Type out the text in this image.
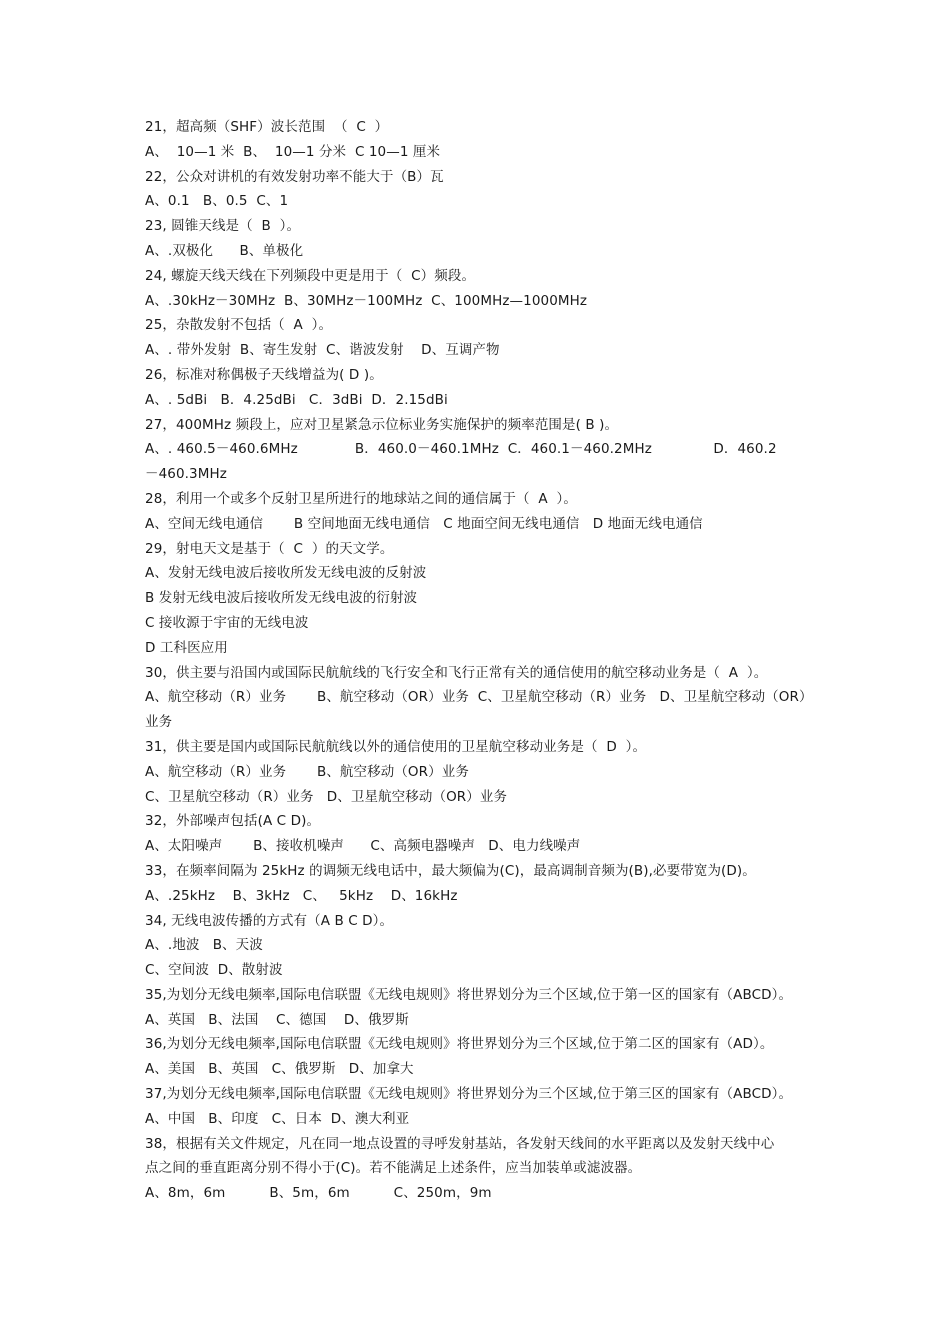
21，超高频（SHF）波长范围  （  C  ）
A、  10—1 米  B、  10—1 分米  C 10—1 厘米
22，公众对讲机的有效发射功率不能大于（B）瓦
A、0.1   B、0.5  C、1
23, 圆锥天线是（  B  ）。
A、.双极化      B、单极化
24, 螺旋天线天线在下列频段中更是用于（  C）频段。
A、.30kHz－30MHz  B、30MHz－100MHz  C、100MHz—1000MHz
25，杂散发射不包括（  A  ）。
A、. 带外发射  B、寄生发射  C、谐波发射    D、互调产物
26，标准对称偶极子天线增益为( D )。
A、. 5dBi   B．4.25dBi   C．3dBi  D．2.15dBi
27，400MHz 频段上，应对卫星紧急示位标业务实施保护的频率范围是( B )。
A、. 460.5－460.6MHz             B．460.0－460.1MHz  C．460.1－460.2MHz              D．460.2
－460.3MHz
28，利用一个或多个反射卫星所进行的地球站之间的通信属于（  A  ）。
A、空间无线电通信       B 空间地面无线电通信   C 地面空间无线电通信   D 地面无线电通信
29，射电天文是基于（  C  ）的天文学。
A、发射无线电波后接收所发无线电波的反射波
B 发射无线电波后接收所发无线电波的衍射波
C 接收源于宇宙的无线电波
D 工科医应用
30，供主要与沿国内或国际民航航线的飞行安全和飞行正常有关的通信使用的航空移动业务是（  A  ）。
A、航空移动（R）业务       B、航空移动（OR）业务  C、卫星航空移动（R）业务   D、卫星航空移动（OR）
业务
31，供主要是国内或国际民航航线以外的通信使用的卫星航空移动业务是（  D  ）。
A、航空移动（R）业务       B、航空移动（OR）业务
C、卫星航空移动（R）业务   D、卫星航空移动（OR）业务
32，外部噪声包括(A C D)。
A、太阳噪声       B、接收机噪声      C、高频电器噪声   D、电力线噪声
33，在频率间隔为 25kHz 的调频无线电话中，最大频偏为(C)，最高调制音频为(B),必要带宽为(D)。
A、.25kHz    B、3kHz   C、   5kHz    D、16kHz
34, 无线电波传播的方式有（A B C D）。
A、.地波   B、天波
C、空间波  D、散射波
35,为划分无线电频率,国际电信联盟《无线电规则》将世界划分为三个区域,位于第一区的国家有（ABCD）。
A、英国   B、法国    C、德国    D、俄罗斯
36,为划分无线电频率,国际电信联盟《无线电规则》将世界划分为三个区域,位于第二区的国家有（AD）。
A、美国   B、英国   C、俄罗斯   D、加拿大
37,为划分无线电频率,国际电信联盟《无线电规则》将世界划分为三个区域,位于第三区的国家有（ABCD）。
A、中国   B、印度   C、日本  D、澳大利亚
38，根据有关文件规定，凡在同一地点设置的寻呼发射基站，各发射天线间的水平距离以及发射天线中心
点之间的垂直距离分别不得小于(C)。若不能满足上述条件，应当加装单或滤波器。
A、8m，6m          B、5m，6m          C、250m，9m
